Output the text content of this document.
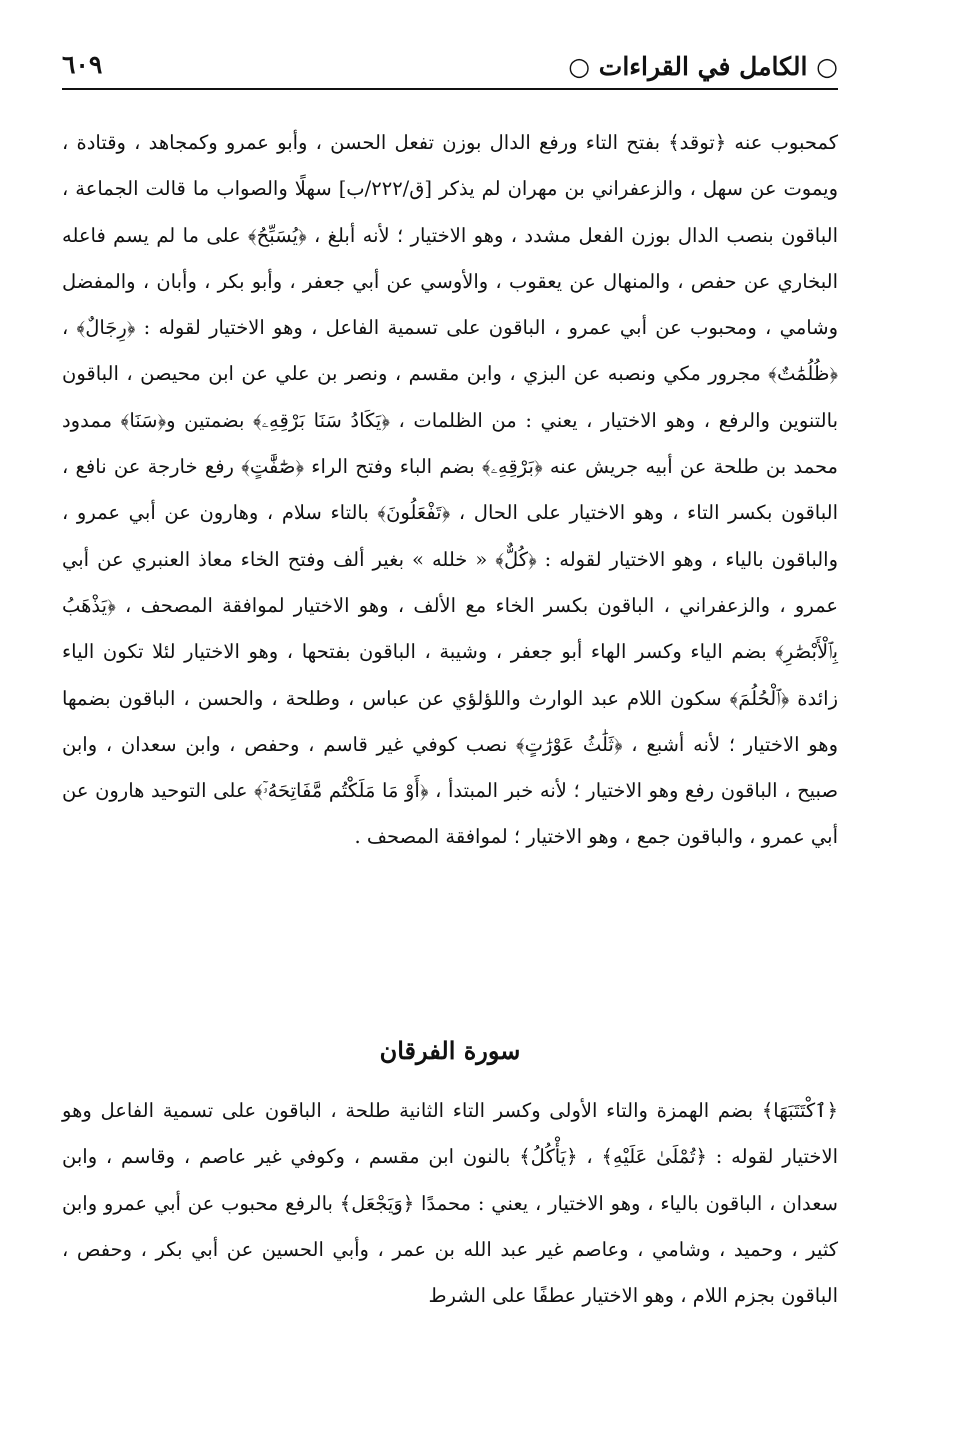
○ الكامل في القراءات ○
٦٠٩

كمحبوب عنه ﴿توقد﴾ بفتح التاء ورفع الدال بوزن تفعل الحسن ، وأبو عمرو وكمجاهد ، وقتادة ، ويموت عن سهل ، والزعفراني بن مهران لم يذكر [ق/٢٢٢/ب] سهلًا والصواب ما قالت الجماعة ، الباقون بنصب الدال بوزن الفعل مشدد ، وهو الاختيار ؛ لأنه أبلغ ، ﴿يُسَبِّحُ﴾ على ما لم يسم فاعله البخاري عن حفص ، والمنهال عن يعقوب ، والأوسي عن أبي جعفر ، وأبو بكر ، وأبان ، والمفضل وشامي ، ومحبوب عن أبي عمرو ، الباقون على تسمية الفاعل ، وهو الاختيار لقوله : ﴿رِجَالٌ﴾ ، ﴿ظُلُمَٰتٌ﴾ مجرور مكي ونصبه عن البزي ، وابن مقسم ، ونصر بن علي عن ابن محيصن ، الباقون بالتنوين والرفع ، وهو الاختيار ، يعني : من الظلمات ، ﴿يَكَادُ سَنَا بَرْقِهِۦ﴾ بضمتين و﴿سَنَا﴾ ممدود محمد بن طلحة عن أبيه جريش عنه ﴿بَرْقِهِۦ﴾ بضم الباء وفتح الراء ﴿صَٰٓفَّٰتٍ﴾ رفع خارجة عن نافع ، الباقون بكسر التاء ، وهو الاختيار على الحال ، ﴿تَفْعَلُونَ﴾ بالتاء سلام ، وهارون عن أبي عمرو ، والباقون بالياء ، وهو الاختيار لقوله : ﴿كُلٌّ﴾ « خلله » بغير ألف وفتح الخاء معاذ العنبري عن أبي عمرو ، والزعفراني ، الباقون بكسر الخاء مع الألف ، وهو الاختيار لموافقة المصحف ، ﴿يَذْهَبُ بِٱلْأَبْصَٰرِ﴾ بضم الياء وكسر الهاء أبو جعفر ، وشيبة ، الباقون بفتحها ، وهو الاختيار لئلا تكون الياء زائدة ﴿ٱلْحُلُمَ﴾ سكون اللام عبد الوارث واللؤلؤي عن عباس ، وطلحة ، والحسن ، الباقون بضمها وهو الاختيار ؛ لأنه أشبع ، ﴿ثَلَٰثُ عَوْرَٰتٍ﴾ نصب كوفي غير قاسم ، وحفص ، وابن سعدان ، وابن صبيح ، الباقون رفع وهو الاختيار ؛ لأنه خبر المبتدأ ، ﴿أَوْ مَا مَلَكْتُم مَّفَاتِحَهُۥٓ﴾ على التوحيد هارون عن أبي عمرو ، والباقون جمع ، وهو الاختيار ؛ لموافقة المصحف .

سورة الفرقان

﴿ٱكْتَتَبَهَا﴾ بضم الهمزة والتاء الأولى وكسر التاء الثانية طلحة ، الباقون على تسمية الفاعل وهو الاختيار لقوله : ﴿تُمْلَىٰ عَلَيْهِ﴾ ، ﴿يَأْكُلُ﴾ بالنون ابن مقسم ، وكوفي غير عاصم ، وقاسم ، وابن سعدان ، الباقون بالياء ، وهو الاختيار ، يعني : محمدًا ﴿وَيَجْعَل﴾ بالرفع محبوب عن أبي عمرو وابن كثير ، وحميد ، وشامي ، وعاصم غير عبد الله بن عمر ، وأبي الحسين عن أبي بكر ، وحفص ، الباقون بجزم اللام ، وهو الاختيار عطفًا على الشرط
